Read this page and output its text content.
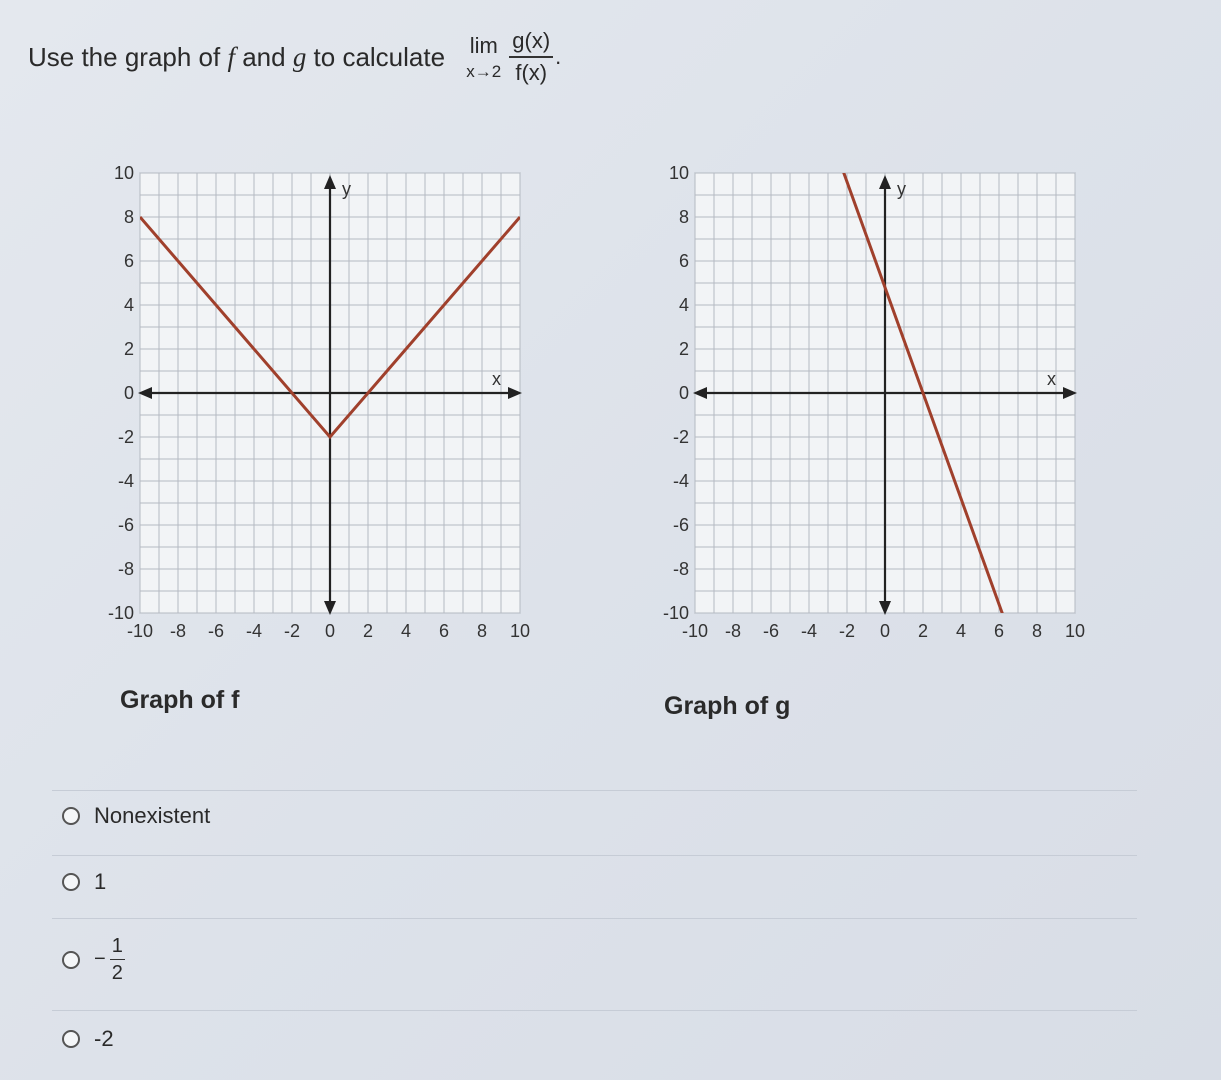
Use the graph of f and g to calculate lim
$x\to 2 \frac{g(x)}{f(x)}$ .
x
y
10
8
6
4
2
0
-2
-4
-6
-8
-10
-10 -8 -6 -4 -2 0 2 4 6 8 10
Graph of f
x
y
10
8
6
4
2
0
-2
-4
-6
-8
-10
-10 -8 -6 -4 -2 0 2 4 6 8 10
Graph of g
Nonexistent
1
− $\frac{1}{2}$
-2
